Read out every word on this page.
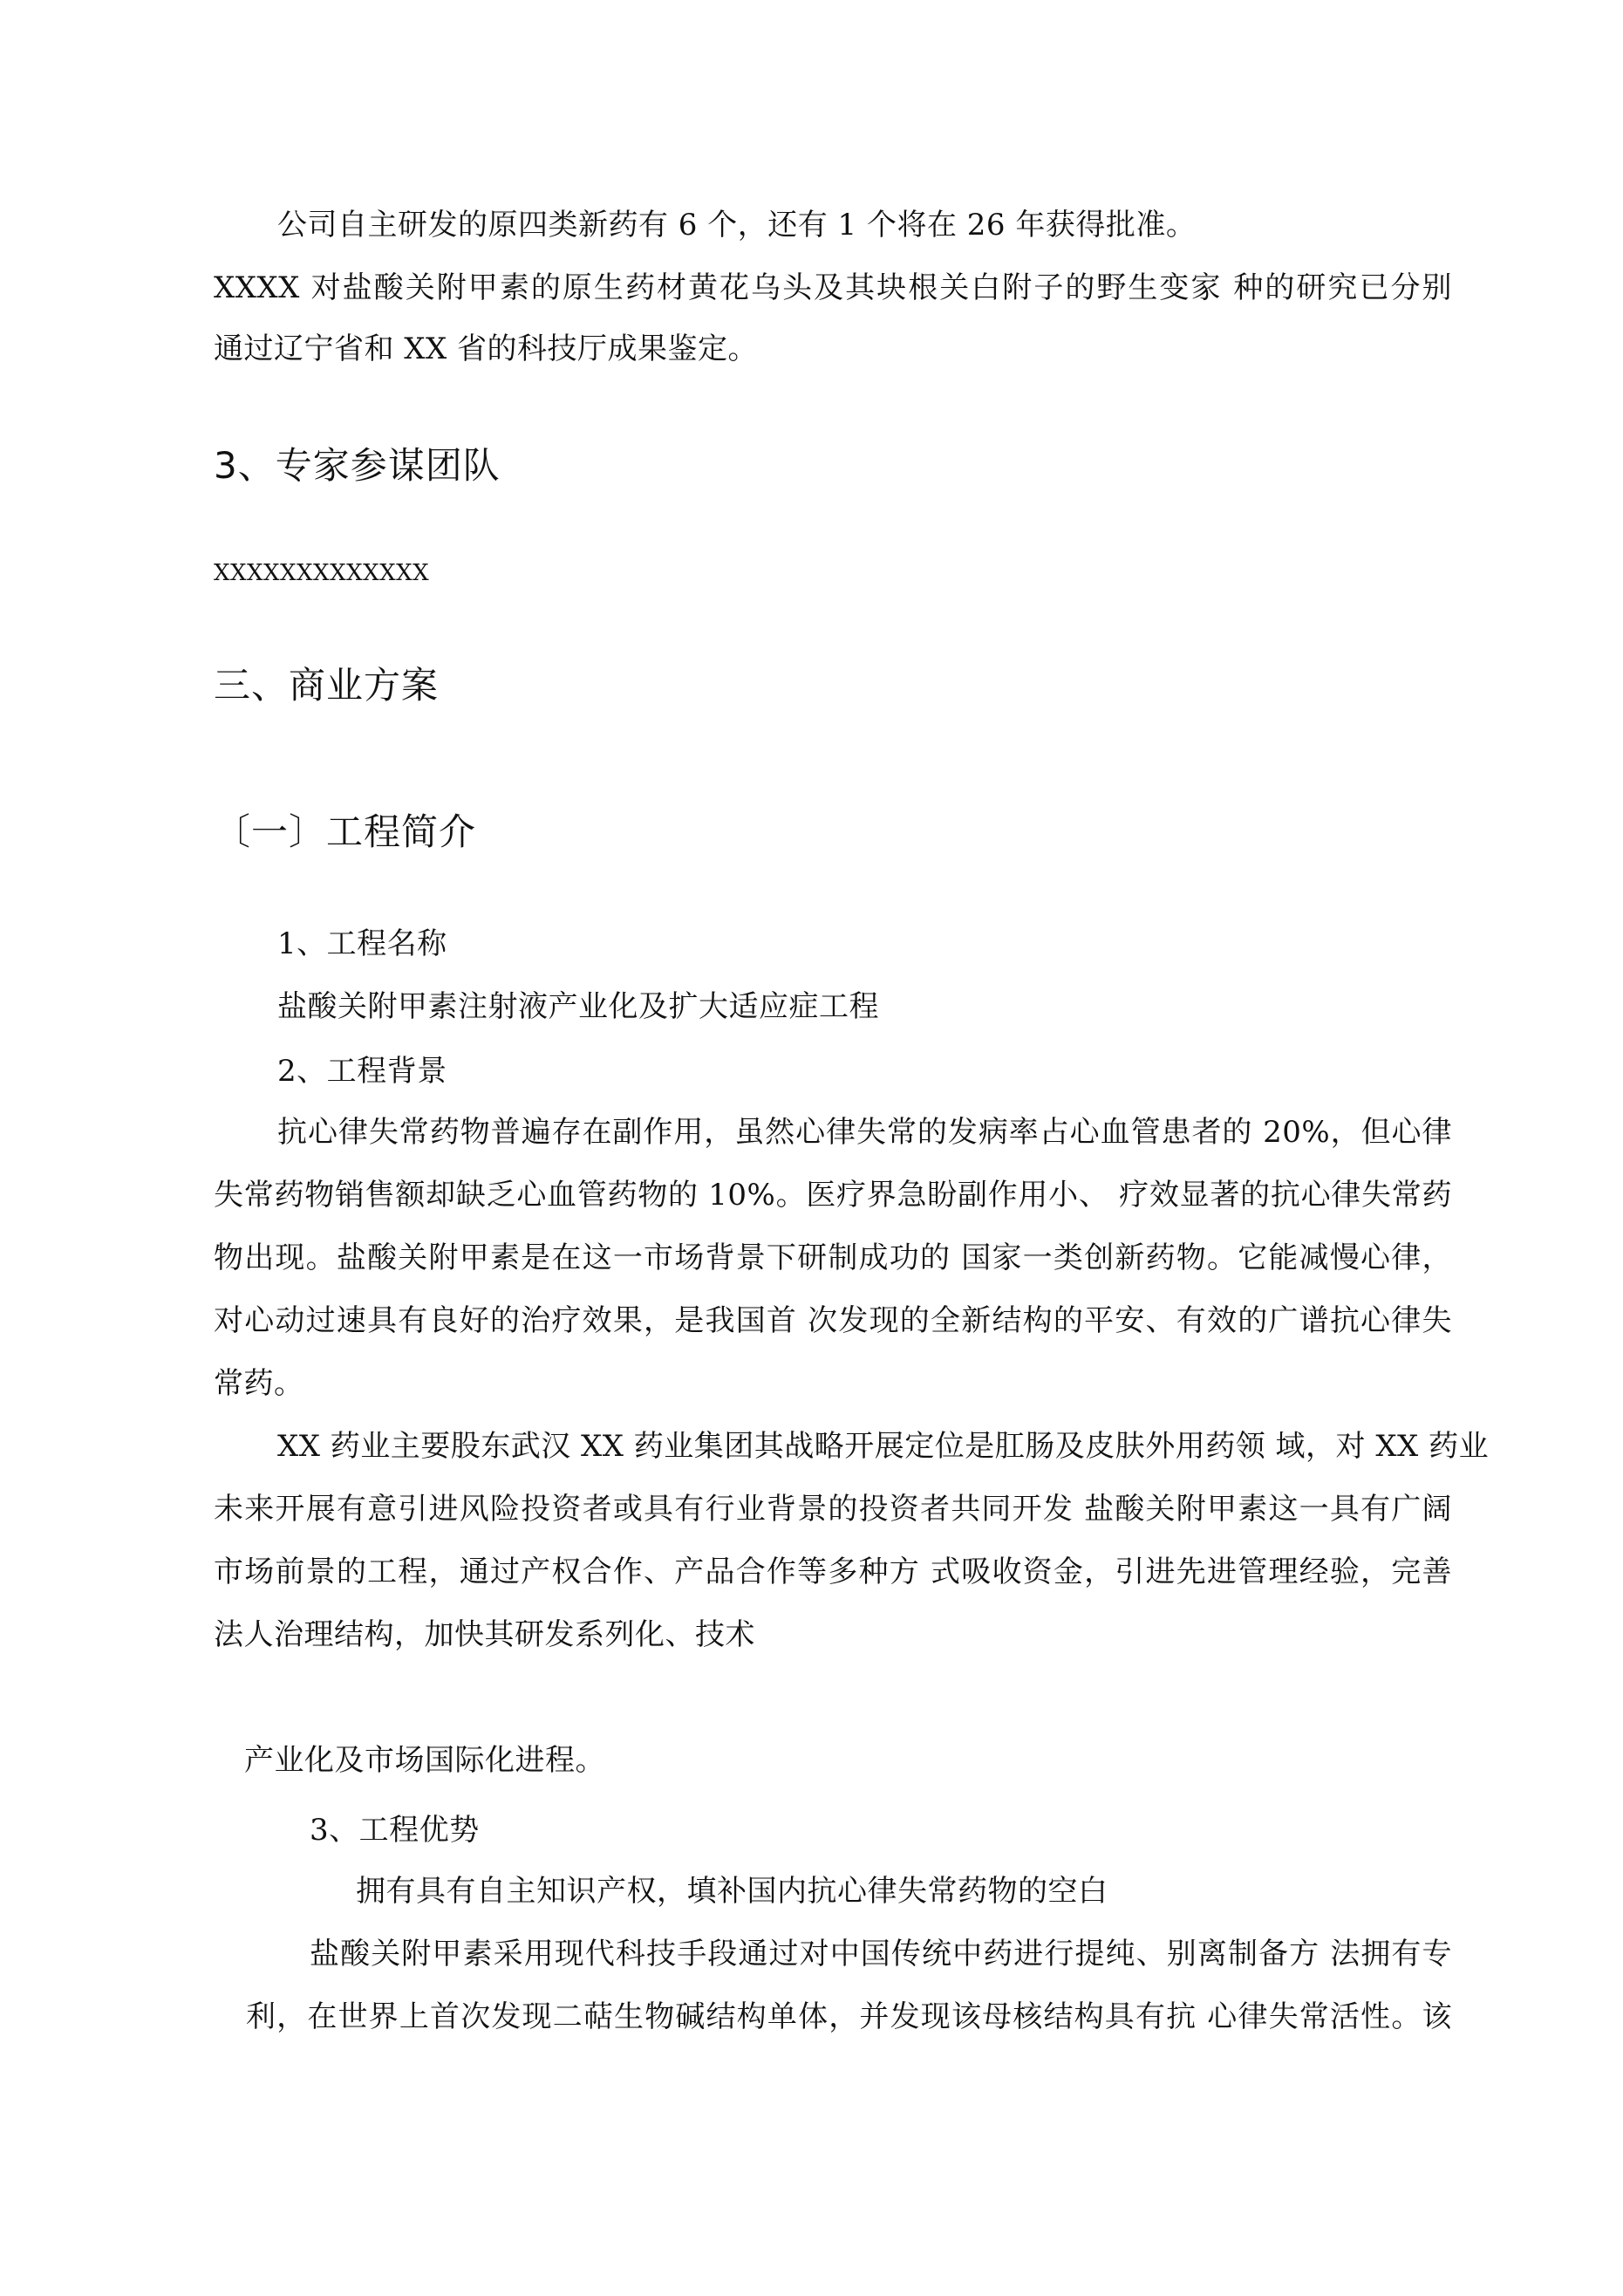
公司自主研发的原四类新药有 6 个，还有 1 个将在 26 年获得批准。
XXXX 对盐酸关附甲素的原生药材黄花乌头及其块根关白附子的野生变家 种的研究已分别
通过辽宁省和 XX 省的科技厅成果鉴定。
3、专家参谋团队
XXXXXXXXXXXXX
三、商业方案
〔一〕工程简介
1、工程名称
盐酸关附甲素注射液产业化及扩大适应症工程
2、工程背景
抗心律失常药物普遍存在副作用，虽然心律失常的发病率占心血管患者的 20%，但心律
失常药物销售额却缺乏心血管药物的 10%。医疗界急盼副作用小、 疗效显著的抗心律失常药
物出现。盐酸关附甲素是在这一市场背景下研制成功的 国家一类创新药物。它能减慢心律，
对心动过速具有良好的治疗效果，是我国首 次发现的全新结构的平安、有效的广谱抗心律失
常药。
XX 药业主要股东武汉 XX 药业集团其战略开展定位是肛肠及皮肤外用药领 域，对 XX 药业
未来开展有意引进风险投资者或具有行业背景的投资者共同开发 盐酸关附甲素这一具有广阔
市场前景的工程，通过产权合作、产品合作等多种方 式吸收资金，引进先进管理经验，完善
法人治理结构，加快其研发系列化、技术
产业化及市场国际化进程。
3、工程优势
拥有具有自主知识产权，填补国内抗心律失常药物的空白
盐酸关附甲素采用现代科技手段通过对中国传统中药进行提纯、别离制备方 法拥有专
利，在世界上首次发现二萜生物碱结构单体，并发现该母核结构具有抗 心律失常活性。该
